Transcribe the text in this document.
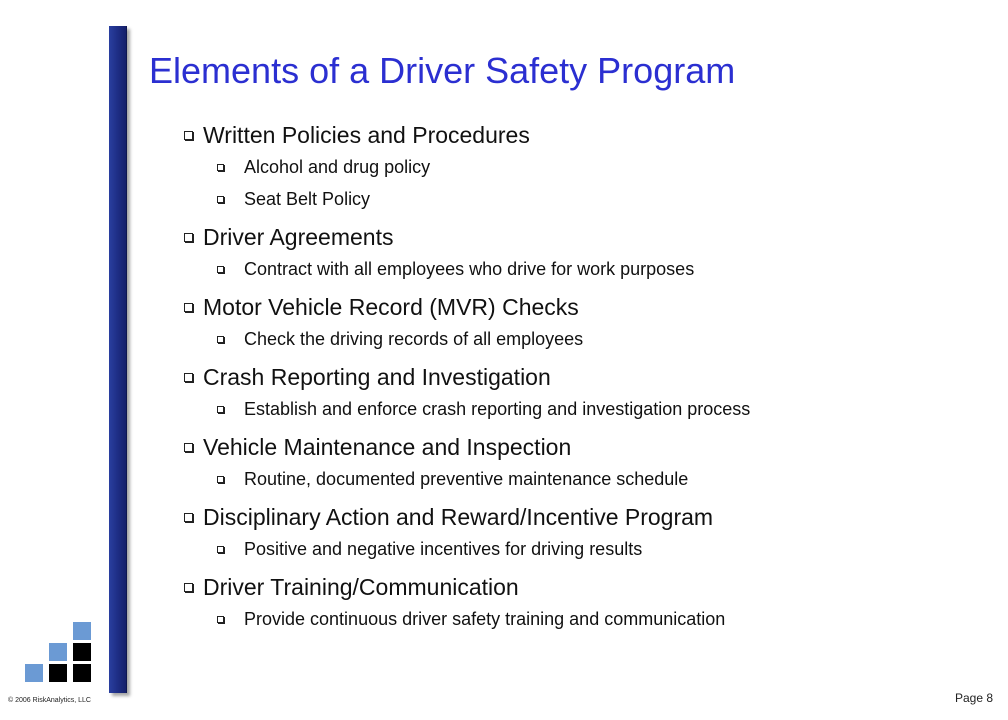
Elements of a Driver Safety Program
Written Policies and Procedures
Alcohol and drug policy
Seat Belt Policy
Driver Agreements
Contract with all employees who drive for work purposes
Motor Vehicle Record (MVR) Checks
Check the driving records of all employees
Crash Reporting and Investigation
Establish and enforce crash reporting and investigation process
Vehicle Maintenance and Inspection
Routine, documented preventive maintenance schedule
Disciplinary Action and Reward/Incentive Program
Positive and negative incentives for driving results
Driver Training/Communication
Provide continuous driver safety training and communication
© 2006 RiskAnalytics, LLC	Page 8
